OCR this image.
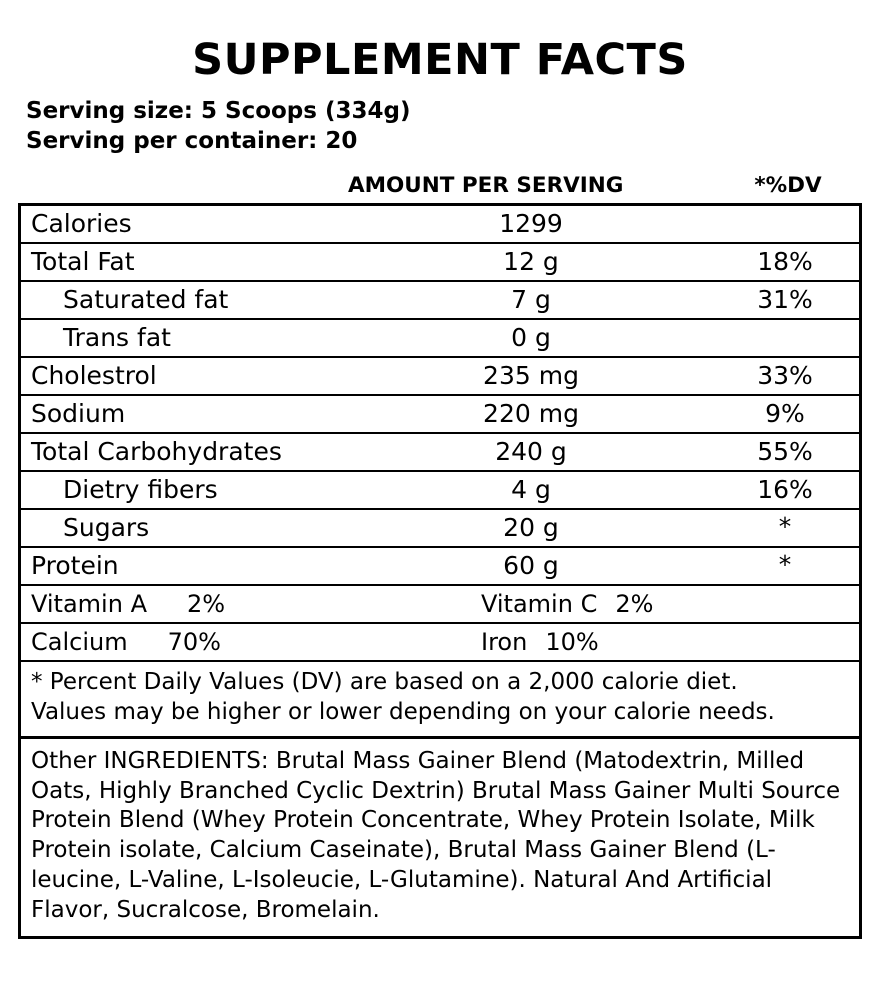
SUPPLEMENT FACTS
Serving size: 5 Scoops (334g)
Serving per container: 20
AMOUNT PER SERVING	*%DV
Calories	1299
Total Fat	12 g	18%
Saturated fat	7 g	31%
Trans fat	0 g
Cholestrol	235 mg	33%
Sodium	220 mg	9%
Total Carbohydrates	240 g	55%
Dietry fibers	4 g	16%
Sugars	20 g	*
Protein	60 g	*
Vitamin A 2%	Vitamin C 2%
Calcium 70%	Iron 10%
* Percent Daily Values (DV) are based on a 2,000 calorie diet.
Values may be higher or lower depending on your calorie needs.
Other INGREDIENTS: Brutal Mass Gainer Blend (Matodextrin, Milled Oats, Highly Branched Cyclic Dextrin) Brutal Mass Gainer Multi Source Protein Blend (Whey Protein Concentrate, Whey Protein Isolate, Milk Protein isolate, Calcium Caseinate), Brutal Mass Gainer Blend (L-leucine, L-Valine, L-Isoleucie, L-Glutamine). Natural And Artificial Flavor, Sucralcose, Bromelain.
